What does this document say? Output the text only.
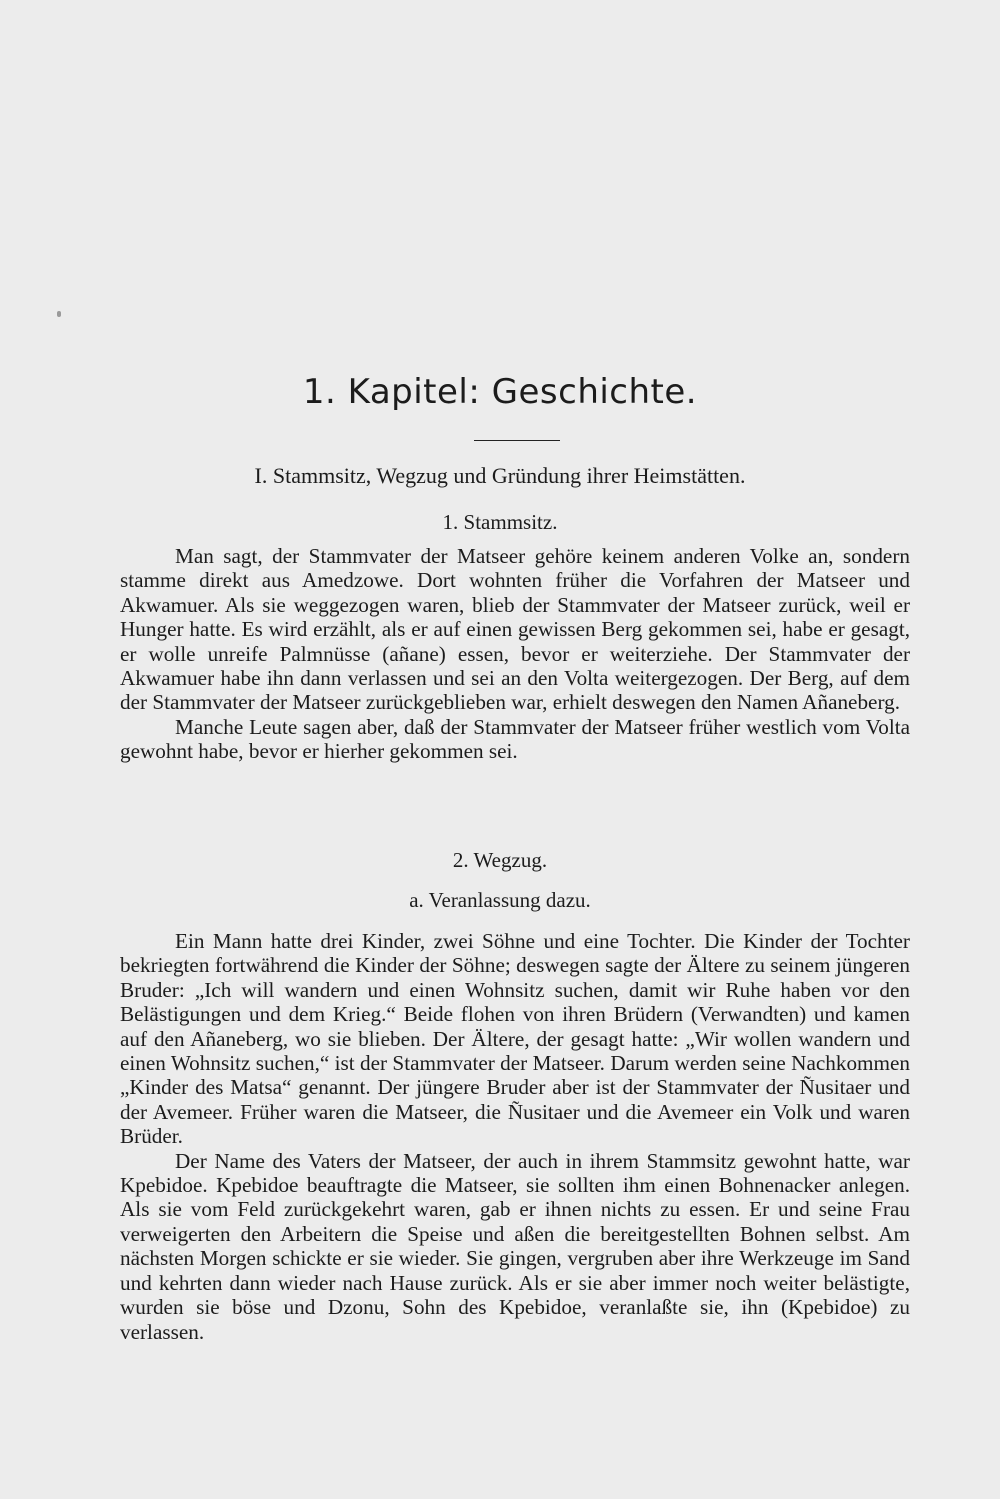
1. Kapitel: Geschichte.
I. Stammsitz, Wegzug und Gründung ihrer Heimstätten.
1. Stammsitz.

Man sagt, der Stammvater der Matseer gehöre keinem anderen Volke an, sondern stamme direkt aus Amedzowe. Dort wohnten früher die Vorfahren der Matseer und Akwamuer. Als sie weggezogen waren, blieb der Stammvater der Matseer zurück, weil er Hunger hatte. Es wird erzählt, als er auf einen gewissen Berg gekommen sei, habe er gesagt, er wolle unreife Palmnüsse (añane) essen, bevor er weiterziehe. Der Stammvater der Akwamuer habe ihn dann verlassen und sei an den Volta weitergezogen. Der Berg, auf dem der Stammvater der Matseer zurückgeblieben war, erhielt deswegen den Namen Añaneberg.

Manche Leute sagen aber, daß der Stammvater der Matseer früher westlich vom Volta gewohnt habe, bevor er hierher gekommen sei.

2. Wegzug.
a. Veranlassung dazu.

Ein Mann hatte drei Kinder, zwei Söhne und eine Tochter. Die Kinder der Tochter bekriegten fortwährend die Kinder der Söhne; deswegen sagte der Ältere zu seinem jüngeren Bruder: „Ich will wandern und einen Wohnsitz suchen, damit wir Ruhe haben vor den Belästigungen und dem Krieg.“ Beide flohen von ihren Brüdern (Verwandten) und kamen auf den Añaneberg, wo sie blieben. Der Ältere, der gesagt hatte: „Wir wollen wandern und einen Wohnsitz suchen,“ ist der Stammvater der Matseer. Darum werden seine Nachkommen „Kinder des Matsa“ genannt. Der jüngere Bruder aber ist der Stammvater der Ñusitaer und der Avemeer. Früher waren die Matseer, die Ñusitaer und die Avemeer ein Volk und waren Brüder.

Der Name des Vaters der Matseer, der auch in ihrem Stammsitz gewohnt hatte, war Kpebidoe. Kpebidoe beauftragte die Matseer, sie sollten ihm einen Bohnenacker anlegen. Als sie vom Feld zurückgekehrt waren, gab er ihnen nichts zu essen. Er und seine Frau verweigerten den Arbeitern die Speise und aßen die bereitgestellten Bohnen selbst. Am nächsten Morgen schickte er sie wieder. Sie gingen, vergruben aber ihre Werkzeuge im Sand und kehrten dann wieder nach Hause zurück. Als er sie aber immer noch weiter belästigte, wurden sie böse und Dzonu, Sohn des Kpebidoe, veranlaßte sie, ihn (Kpebidoe) zu verlassen.
